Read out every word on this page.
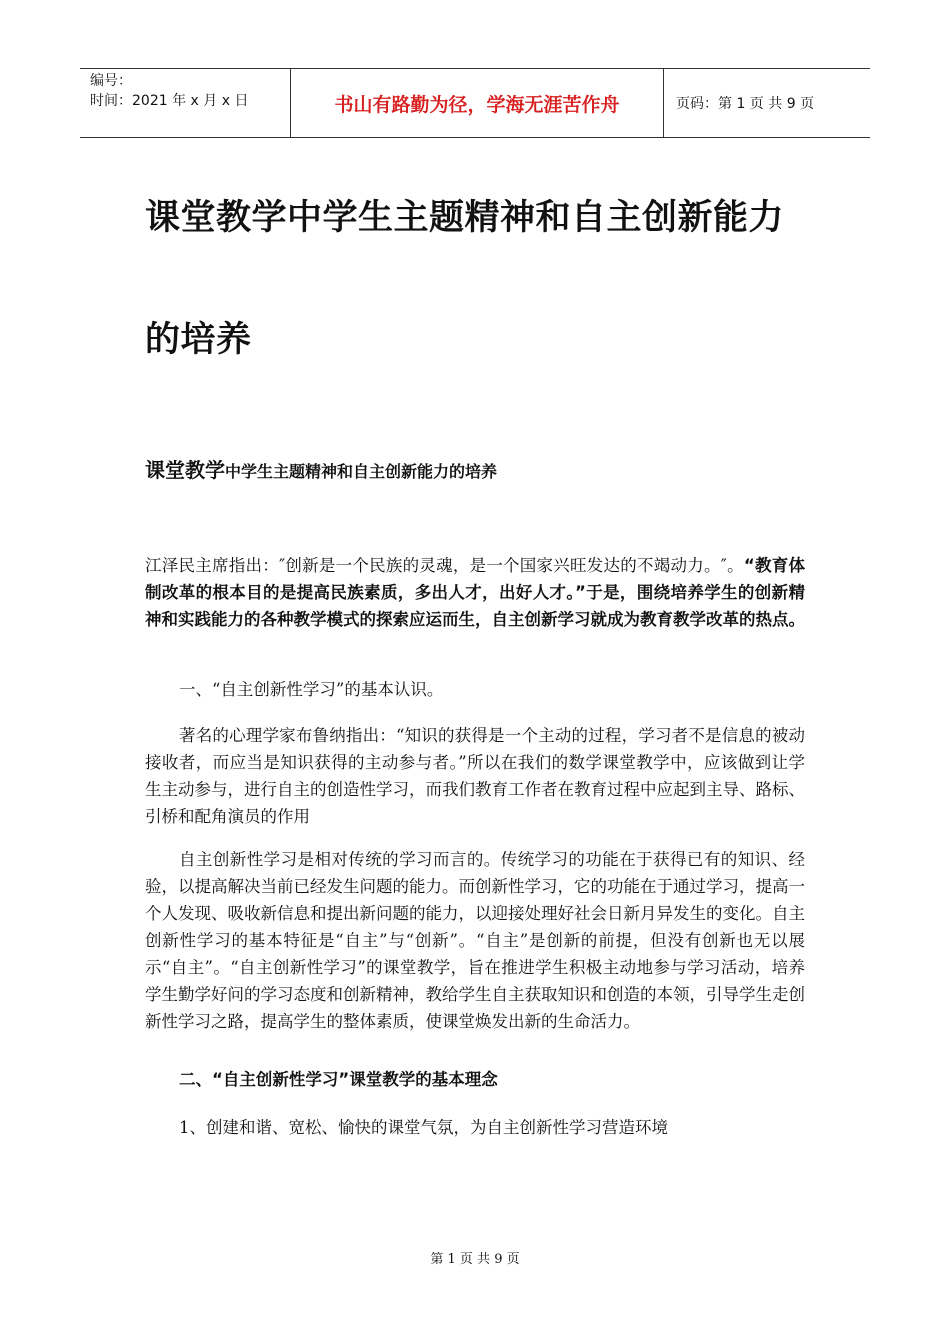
编号：
时间：2021 年 x 月 x 日	书山有路勤为径，学海无涯苦作舟	页码：第 1 页 共 9 页
课堂教学中学生主题精神和自主创新能力
的培养

课堂教学中学生主题精神和自主创新能力的培养

江泽民主席指出：″创新是一个民族的灵魂，是一个国家兴旺发达的不竭动力。″。“教育体制改革的根本目的是提高民族素质，多出人才，出好人才。”于是，围绕培养学生的创新精神和实践能力的各种教学模式的探索应运而生，自主创新学习就成为教育教学改革的热点。

一、“自主创新性学习”的基本认识。

著名的心理学家布鲁纳指出：“知识的获得是一个主动的过程，学习者不是信息的被动接收者，而应当是知识获得的主动参与者。”所以在我们的数学课堂教学中，应该做到让学生主动参与，进行自主的创造性学习，而我们教育工作者在教育过程中应起到主导、路标、引桥和配角演员的作用

自主创新性学习是相对传统的学习而言的。传统学习的功能在于获得已有的知识、经验，以提高解决当前已经发生问题的能力。而创新性学习，它的功能在于通过学习，提高一个人发现、吸收新信息和提出新问题的能力，以迎接处理好社会日新月异发生的变化。自主创新性学习的基本特征是“自主”与“创新”。“自主”是创新的前提，但没有创新也无以展示“自主”。“自主创新性学习”的课堂教学，旨在推进学生积极主动地参与学习活动，培养学生勤学好问的学习态度和创新精神，教给学生自主获取知识和创造的本领，引导学生走创新性学习之路，提高学生的整体素质，使课堂焕发出新的生命活力。

二、“自主创新性学习”课堂教学的基本理念

1、创建和谐、宽松、愉快的课堂气氛，为自主创新性学习营造环境

第 1 页 共 9 页
